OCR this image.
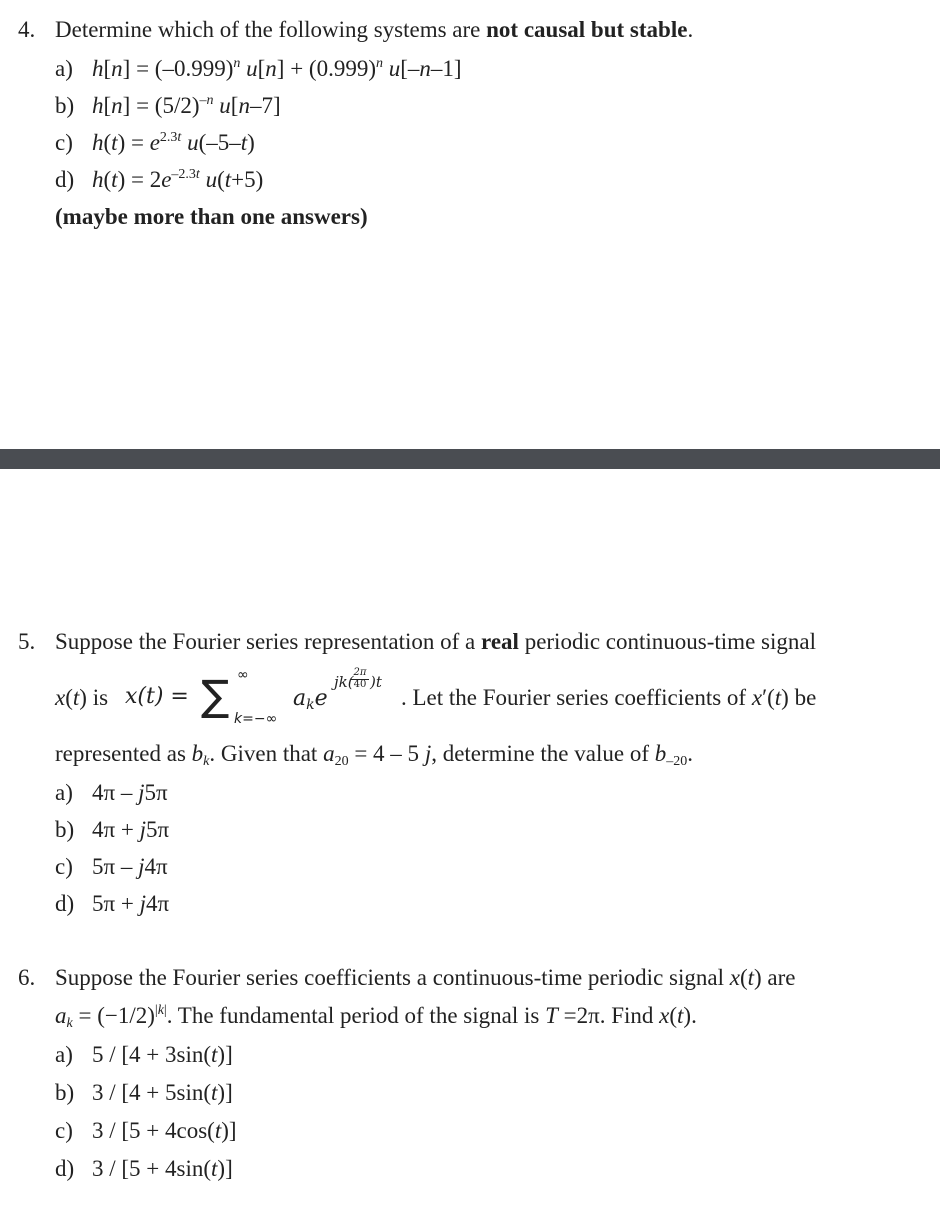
4. Determine which of the following systems are not causal but stable.
a) $h[n] = (-0.999)^n$ $u[n] + (0.999)^n$ u[–n–1]
b) $h[n] = (5/2)^{-n}$ u[n–7]
c) $h(t) = e^{2.3t}$ u(–5–t)
d) $h(t) = 2e^{-2.3t}$ u(t+5)
(maybe more than one answers)
5. Suppose the Fourier series representation of a real periodic continuous-time signal
x(t) is x(t) = ∑ ∞
k=−∞
$a_ke$
jk(
2π
40 )t
. Let the Fourier series coefficients of x′(t) be
represented as $b_k$. Given that $a_{20} = 4 - 5$ j, determine the value of $b_{-20}$.
a) 4π – j5π
b) 4π + j5π
c) 5π – j4π
d) 5π + j4π
6. Suppose the Fourier series coefficients a continuous-time periodic signal x(t) are
$a_k = (-1/2)^{|k|}$. The fundamental period of the signal is T =2π. Find x(t).
a) 5 / [4 + 3sin(t)]
b) 3 / [4 + 5sin(t)]
c) 3 / [5 + 4cos(t)]
d) 3 / [5 + 4sin(t)]
